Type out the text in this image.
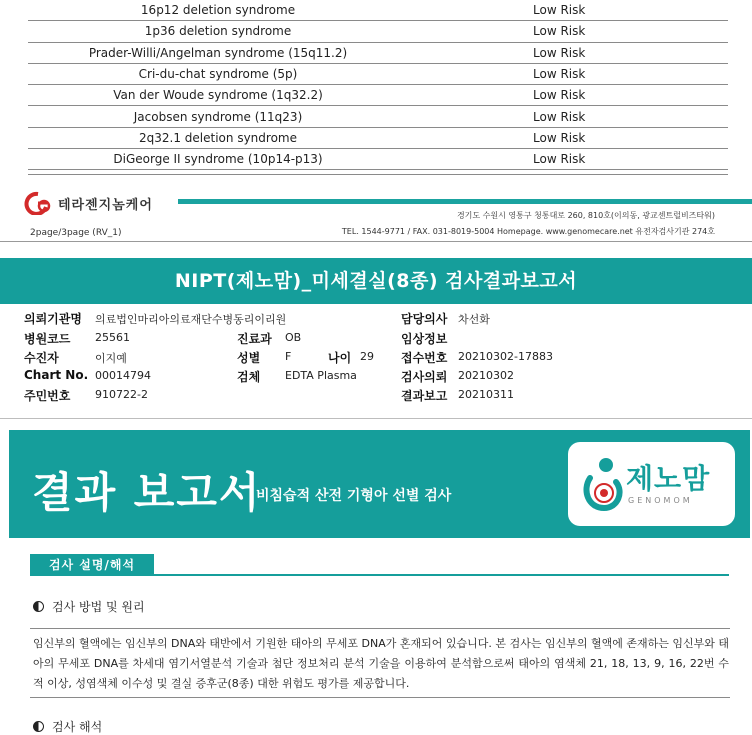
16p12 deletion syndrome	Low Risk
1p36 deletion syndrome	Low Risk
Prader-Willi/Angelman syndrome (15q11.2)	Low Risk
Cri-du-chat syndrome (5p)	Low Risk
Van der Woude syndrome (1q32.2)	Low Risk
Jacobsen syndrome (11q23)	Low Risk
2q32.1 deletion syndrome	Low Risk
DiGeorge II syndrome (10p14-p13)	Low Risk
테라젠지놈케어
경기도 수원시 영통구 청통대로 260, 810호(이의동, 광교센트럴비즈타워)
TEL. 1544-9771 / FAX. 031-8019-5004 Homepage. www.genomecare.net 유전자검사기관 274호
2page/3page (RV_1)
NIPT(제노맘)_미세결실(8종) 검사결과보고서
의뢰기관명 의료법인마리아의료재단수병동리이리원	담당의사 차선화
병원코드 25561	진료과 OB	임상정보
수진자	이지예	성별 F	나이 29 접수번호 20210302-17883
Chart No. 00014794	검체 EDTA Plasma	검사의뢰 20210302
주민번호 910722-2	결과보고 20210311
결과 보고서
비침습적 산전 기형아 선별 검사
제노맘
GENOMOM
검사 설명/해석
검사 방법 및 원리
임신부의 혈액에는 임신부의 DNA와 태반에서 기원한 태아의 무세포 DNA가 혼재되어 있습니다. 본 검사는 임신부의 혈액에 존재하는 임신부와 태아의 무세포 DNA를 차세대 염기서열분석 기술과 첨단 정보처리 분석 기술을 이용하여 분석함으로써 태아의 염색체 21, 18, 13, 9, 16, 22번 수적 이상, 성염색체 이수성 및 결실 증후군(8종) 대한 위험도 평가를 제공합니다.
검사 해석
